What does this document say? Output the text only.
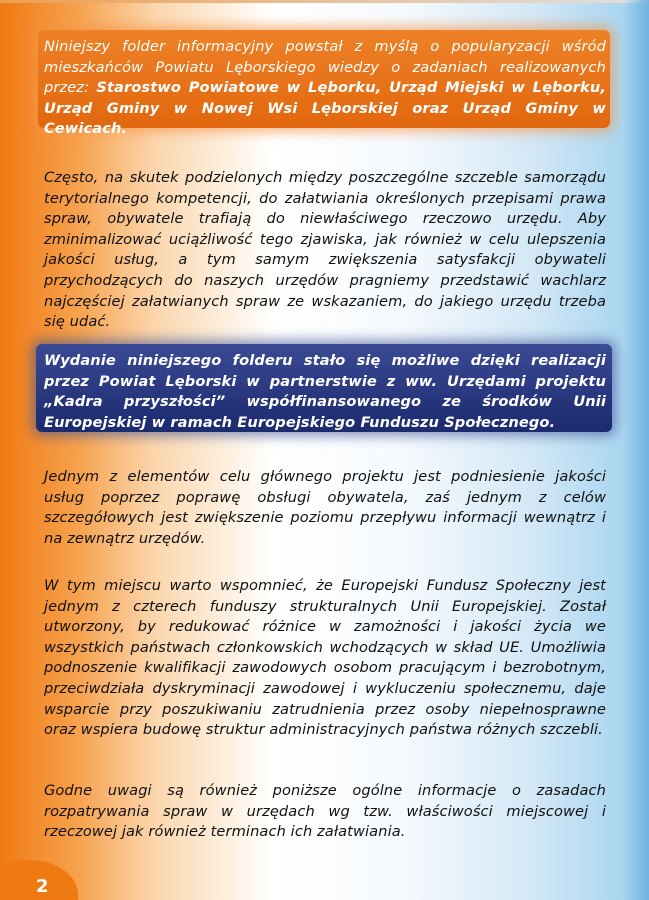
Niniejszy folder informacyjny powstał z myślą o popularyzacji wśród mieszkańców Powiatu Lęborskiego wiedzy o zadaniach realizowanych przez: Starostwo Powiatowe w Lęborku, Urząd Miejski w Lęborku, Urząd Gminy w Nowej Wsi Lęborskiej oraz Urząd Gminy w Cewicach.

Często, na skutek podzielonych między poszczególne szczeble samorządu terytorialnego kompetencji, do załatwiania określonych przepisami prawa spraw, obywatele trafiają do niewłaściwego rzeczowo urzędu. Aby zminimalizować uciążliwość tego zjawiska, jak również w celu ulepszenia jakości usług, a tym samym zwiększenia satysfakcji obywateli przychodzących do naszych urzędów pragniemy przedstawić wachlarz najczęściej załatwianych spraw ze wskazaniem, do jakiego urzędu trzeba się udać.

Wydanie niniejszego folderu stało się możliwe dzięki realizacji przez Powiat Lęborski w partnerstwie z ww. Urzędami projektu „Kadra przyszłości” współfinansowanego ze środków Unii Europejskiej w ramach Europejskiego Funduszu Społecznego.

Jednym z elementów celu głównego projektu jest podniesienie jakości usług poprzez poprawę obsługi obywatela, zaś jednym z celów szczegółowych jest zwiększenie poziomu przepływu informacji wewnątrz i na zewnątrz urzędów.

W tym miejscu warto wspomnieć, że Europejski Fundusz Społeczny jest jednym z czterech funduszy strukturalnych Unii Europejskiej. Został utworzony, by redukować różnice w zamożności i jakości życia we wszystkich państwach członkowskich wchodzących w skład UE. Umożliwia podnoszenie kwalifikacji zawodowych osobom pracującym i bezrobotnym, przeciwdziała dyskryminacji zawodowej i wykluczeniu społecznemu, daje wsparcie przy poszukiwaniu zatrudnienia przez osoby niepełnosprawne oraz wspiera budowę struktur administracyjnych państwa różnych szczebli.

Godne uwagi są również poniższe ogólne informacje o zasadach rozpatrywania spraw w urzędach wg tzw. właściwości miejscowej i rzeczowej jak również terminach ich załatwiania.

2
